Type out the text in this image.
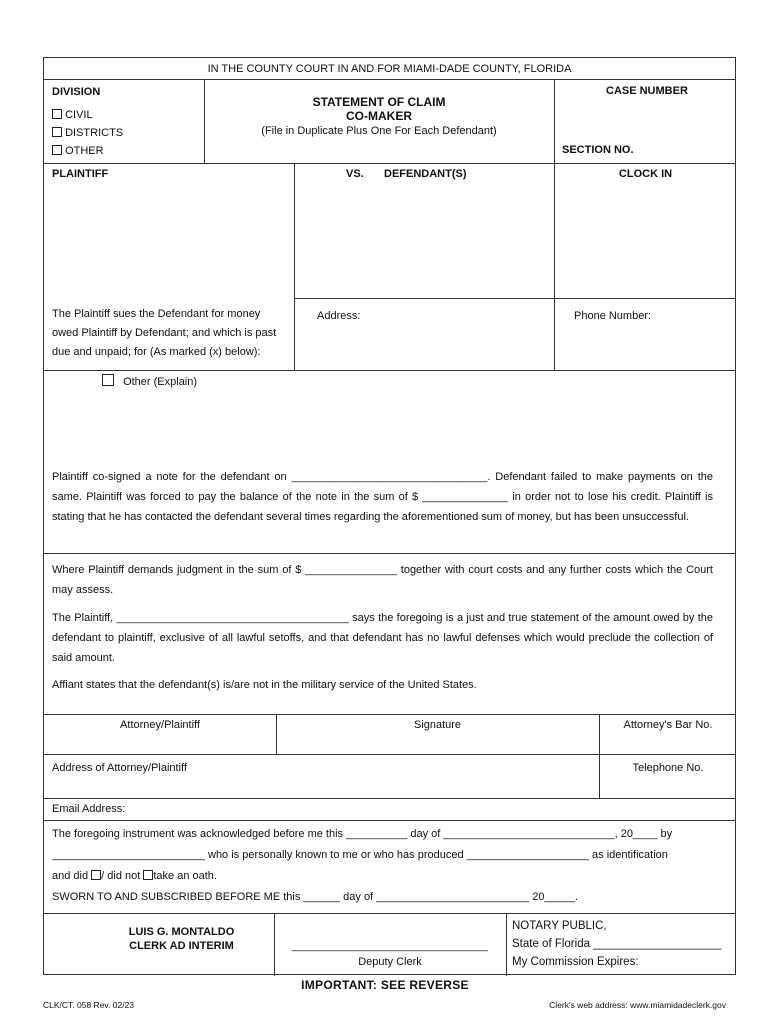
IN THE COUNTY COURT IN AND FOR MIAMI-DADE COUNTY, FLORIDA
DIVISION
CIVIL
DISTRICTS
OTHER
STATEMENT OF CLAIM
CO-MAKER
(File in Duplicate Plus One For Each Defendant)
CASE NUMBER
SECTION NO.
PLAINTIFF	VS. DEFENDANT(S)	CLOCK IN
The Plaintiff sues the Defendant for money owed Plaintiff by Defendant; and which is past due and unpaid; for (As marked (x) below):
Address:	Phone Number:
Other (Explain)
Plaintiff co-signed a note for the defendant on ________________________________. Defendant failed to make payments on the same. Plaintiff was forced to pay the balance of the note in the sum of $ ______________ in order not to lose his credit. Plaintiff is stating that he has contacted the defendant several times regarding the aforementioned sum of money, but has been unsuccessful.
Where Plaintiff demands judgment in the sum of $ _______________ together with court costs and any further costs which the Court may assess.
The Plaintiff, ______________________________________ says the foregoing is a just and true statement of the amount owed by the defendant to plaintiff, exclusive of all lawful setoffs, and that defendant has no lawful defenses which would preclude the collection of said amount.
Affiant states that the defendant(s) is/are not in the military service of the United States.
Attorney/Plaintiff	Signature	Attorney's Bar No.
Address of Attorney/Plaintiff	Telephone No.
Email Address:
The foregoing instrument was acknowledged before me this __________ day of ____________________________, 20____ by
_________________________ who is personally known to me or who has produced ____________________ as identification
and did / did not take an oath.
SWORN TO AND SUBSCRIBED BEFORE ME this ______ day of _________________________ 20_____.
LUIS G. MONTALDO
CLERK AD INTERIM	________________________________
Deputy Clerk
NOTARY PUBLIC,
State of Florida ____________________
My Commission Expires:
IMPORTANT: SEE REVERSE
CLK/CT. 058 Rev. 02/23	Clerk's web address: www.miamidadeclerk.gov
